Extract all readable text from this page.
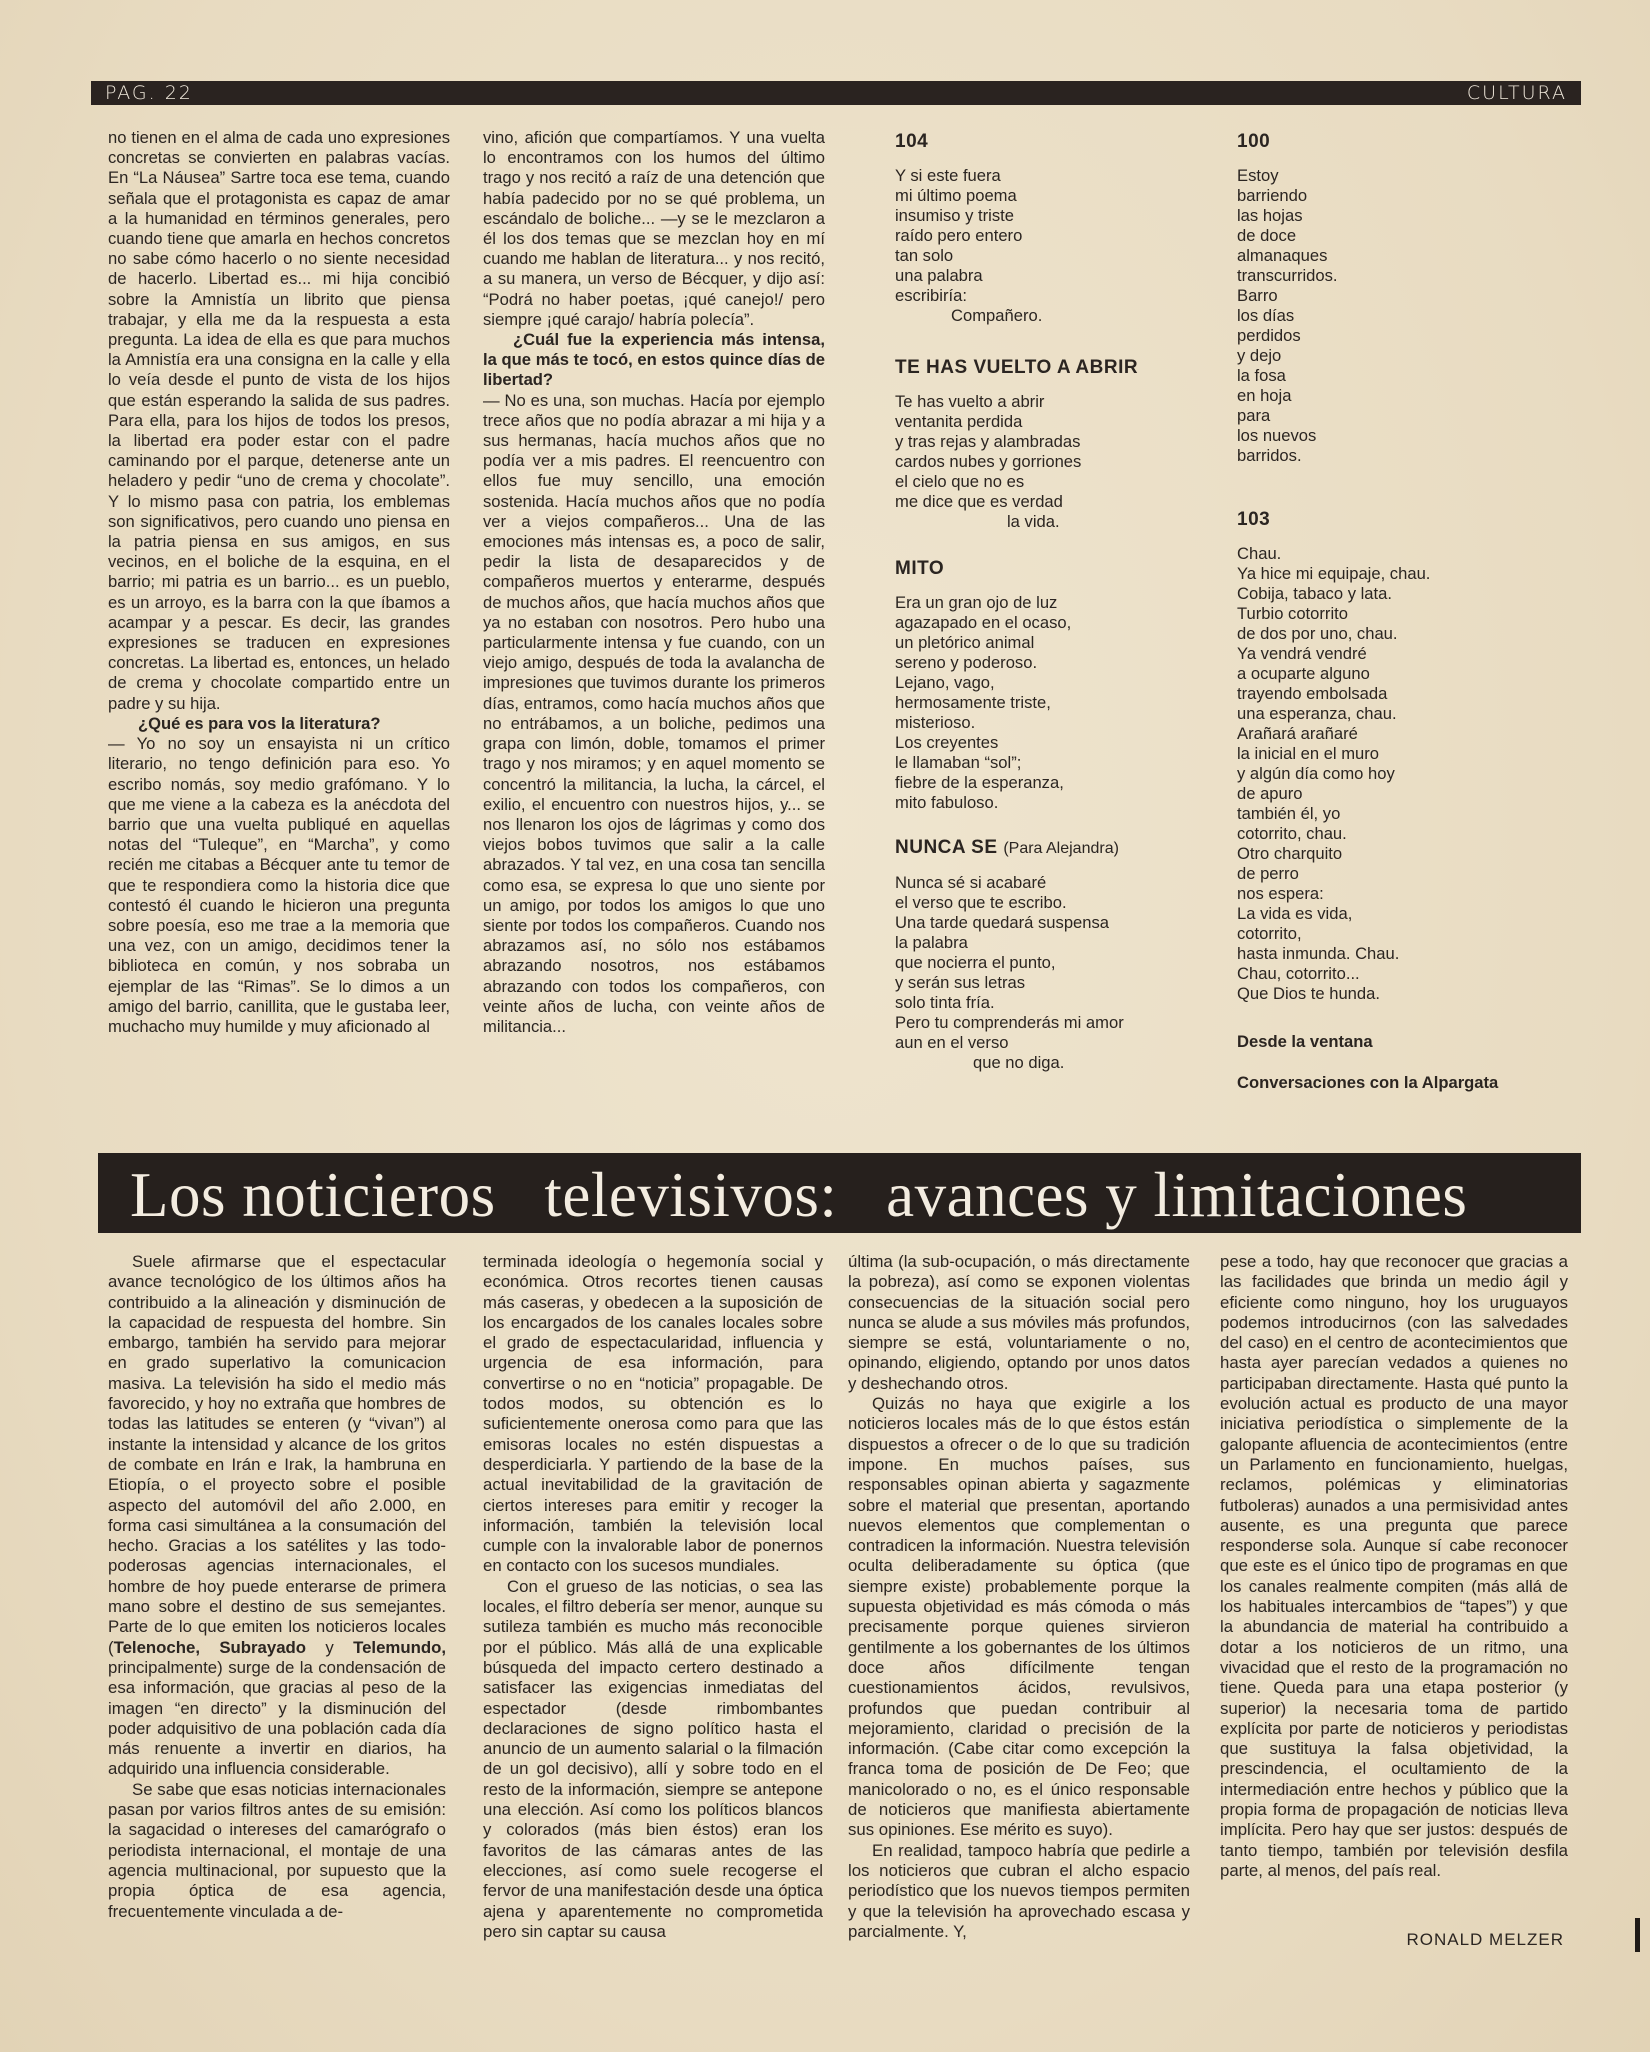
PAG. 22	CULTURA

no tienen en el alma de cada uno expresiones concretas se convierten en palabras vacías. En “La Náusea” Sartre toca ese tema, cuando señala que el protagonista es capaz de amar a la humanidad en términos generales, pero cuando tiene que amarla en hechos concretos no sabe cómo hacerlo o no siente necesidad de hacerlo. Libertad es... mi hija concibió sobre la Amnistía un librito que piensa trabajar, y ella me da la respuesta a esta pregunta. La idea de ella es que para muchos la Amnistía era una consigna en la calle y ella lo veía desde el punto de vista de los hijos que están esperando la salida de sus padres. Para ella, para los hijos de todos los presos, la libertad era poder estar con el padre caminando por el parque, detenerse ante un heladero y pedir “uno de crema y chocolate”. Y lo mismo pasa con patria, los emblemas son significativos, pero cuando uno piensa en la patria piensa en sus amigos, en sus vecinos, en el boliche de la esquina, en el barrio; mi patria es un barrio... es un pueblo, es un arroyo, es la barra con la que íbamos a acampar y a pescar. Es decir, las grandes expresiones se traducen en expresiones concretas. La libertad es, entonces, un helado de crema y chocolate compartido entre un padre y su hija.

¿Qué es para vos la literatura?

— Yo no soy un ensayista ni un crítico literario, no tengo definición para eso. Yo escribo nomás, soy medio grafómano. Y lo que me viene a la cabeza es la anécdota del barrio que una vuelta publiqué en aquellas notas del “Tuleque”, en “Marcha”, y como recién me citabas a Bécquer ante tu temor de que te respondiera como la historia dice que contestó él cuando le hicieron una pregunta sobre poesía, eso me trae a la memoria que una vez, con un amigo, decidimos tener la biblioteca en común, y nos sobraba un ejemplar de las “Rimas”. Se lo dimos a un amigo del barrio, canillita, que le gustaba leer, muchacho muy humilde y muy aficionado al

vino, afición que compartíamos. Y una vuelta lo encontramos con los humos del último trago y nos recitó a raíz de una detención que había padecido por no se qué problema, un escándalo de boliche... —y se le mezclaron a él los dos temas que se mezclan hoy en mí cuando me hablan de literatura... y nos recitó, a su manera, un verso de Bécquer, y dijo así: “Podrá no haber poetas, ¡qué canejo!/ pero siempre ¡qué carajo/ habría polecía”.

¿Cuál fue la experiencia más intensa, la que más te tocó, en estos quince días de libertad?

— No es una, son muchas. Hacía por ejemplo trece años que no podía abrazar a mi hija y a sus hermanas, hacía muchos años que no podía ver a mis padres. El reencuentro con ellos fue muy sencillo, una emoción sostenida. Hacía muchos años que no podía ver a viejos compañeros... Una de las emociones más intensas es, a poco de salir, pedir la lista de desaparecidos y de compañeros muertos y enterarme, después de muchos años, que hacía muchos años que ya no estaban con nosotros. Pero hubo una particularmente intensa y fue cuando, con un viejo amigo, después de toda la avalancha de impresiones que tuvimos durante los primeros días, entramos, como hacía muchos años que no entrábamos, a un boliche, pedimos una grapa con limón, doble, tomamos el primer trago y nos miramos; y en aquel momento se concentró la militancia, la lucha, la cárcel, el exilio, el encuentro con nuestros hijos, y... se nos llenaron los ojos de lágrimas y como dos viejos bobos tuvimos que salir a la calle abrazados. Y tal vez, en una cosa tan sencilla como esa, se expresa lo que uno siente por un amigo, por todos los amigos lo que uno siente por todos los compañeros. Cuando nos abrazamos así, no sólo nos estábamos abrazando nosotros, nos estábamos abrazando con todos los compañeros, con veinte años de lucha, con veinte años de militancia...

104
Y si este fuera
mi último poema
insumiso y triste
raído pero entero
tan solo
una palabra
escribiría:
Compañero.
TE HAS VUELTO A ABRIR
Te has vuelto a abrir
ventanita perdida
y tras rejas y alambradas
cardos nubes y gorriones
el cielo que no es
me dice que es verdad
la vida.
MITO
Era un gran ojo de luz
agazapado en el ocaso,
un pletórico animal
sereno y poderoso.
Lejano, vago,
hermosamente triste,
misterioso.
Los creyentes
le llamaban “sol”;
fiebre de la esperanza,
mito fabuloso.
NUNCA SE (Para Alejandra)
Nunca sé si acabaré
el verso que te escribo.
Una tarde quedará suspensa
la palabra
que nocierra el punto,
y serán sus letras
solo tinta fría.
Pero tu comprenderás mi amor
aun en el verso
que no diga.
100
Estoy
barriendo
las hojas
de doce
almanaques
transcurridos.
Barro
los días
perdidos
y dejo
la fosa
en hoja
para
los nuevos
barridos.
103
Chau.
Ya hice mi equipaje, chau.
Cobija, tabaco y lata.
Turbio cotorrito
de dos por uno, chau.
Ya vendrá vendré
a ocuparte alguno
trayendo embolsada
una esperanza, chau.
Arañará arañaré
la inicial en el muro
y algún día como hoy
de apuro
también él, yo
cotorrito, chau.
Otro charquito
de perro
nos espera:
La vida es vida,
cotorrito,
hasta inmunda. Chau.
Chau, cotorrito...
Que Dios te hunda.
Desde la ventana
Conversaciones con la Alpargata
Los noticieros   televisivos:   avances y limitaciones

Suele afirmarse que el espectacular avance tecnológico de los últimos años ha contribuido a la alineación y disminución de la capacidad de respuesta del hombre. Sin embargo, también ha servido para mejorar en grado superlativo la comunicacion masiva. La televisión ha sido el medio más favorecido, y hoy no extraña que hombres de todas las latitudes se enteren (y “vivan”) al instante la intensidad y alcance de los gritos de combate en Irán e Irak, la hambruna en Etiopía, o el proyecto sobre el posible aspecto del automóvil del año 2.000, en forma casi simultánea a la consumación del hecho. Gracias a los satélites y las todo-poderosas agencias internacionales, el hombre de hoy puede enterarse de primera mano sobre el destino de sus semejantes. Parte de lo que emiten los noticieros locales (Telenoche, Subrayado y Telemundo, principalmente) surge de la condensación de esa información, que gracias al peso de la imagen “en directo” y la disminución del poder adquisitivo de una población cada día más renuente a invertir en diarios, ha adquirido una influencia considerable.

Se sabe que esas noticias internacionales pasan por varios filtros antes de su emisión: la sagacidad o intereses del camarógrafo o periodista internacional, el montaje de una agencia multinacional, por supuesto que la propia óptica de esa agencia, frecuentemente vinculada a de-

terminada ideología o hegemonía social y económica. Otros recortes tienen causas más caseras, y obedecen a la suposición de los encargados de los canales locales sobre el grado de espectacularidad, influencia y urgencia de esa información, para convertirse o no en “noticia” propagable. De todos modos, su obtención es lo suficientemente onerosa como para que las emisoras locales no estén dispuestas a desperdiciarla. Y partiendo de la base de la actual inevitabilidad de la gravitación de ciertos intereses para emitir y recoger la información, también la televisión local cumple con la invalorable labor de ponernos en contacto con los sucesos mundiales.

Con el grueso de las noticias, o sea las locales, el filtro debería ser menor, aunque su sutileza también es mucho más reconocible por el público. Más allá de una explicable búsqueda del impacto certero destinado a satisfacer las exigencias inmediatas del espectador (desde rimbombantes declaraciones de signo político hasta el anuncio de un aumento salarial o la filmación de un gol decisivo), allí y sobre todo en el resto de la información, siempre se antepone una elección. Así como los políticos blancos y colorados (más bien éstos) eran los favoritos de las cámaras antes de las elecciones, así como suele recogerse el fervor de una manifestación desde una óptica ajena y aparentemente no comprometida pero sin captar su causa

última (la sub-ocupación, o más directamente la pobreza), así como se exponen violentas consecuencias de la situación social pero nunca se alude a sus móviles más profundos, siempre se está, voluntariamente o no, opinando, eligiendo, optando por unos datos y deshechando otros.

Quizás no haya que exigirle a los noticieros locales más de lo que éstos están dispuestos a ofrecer o de lo que su tradición impone. En muchos países, sus responsables opinan abierta y sagazmente sobre el material que presentan, aportando nuevos elementos que complementan o contradicen la información. Nuestra televisión oculta deliberadamente su óptica (que siempre existe) probablemente porque la supuesta objetividad es más cómoda o más precisamente porque quienes sirvieron gentilmente a los gobernantes de los últimos doce años difícilmente tengan cuestionamientos ácidos, revulsivos, profundos que puedan contribuir al mejoramiento, claridad o precisión de la información. (Cabe citar como excepción la franca toma de posición de De Feo; que manicolorado o no, es el único responsable de noticieros que manifiesta abiertamente sus opiniones. Ese mérito es suyo).

En realidad, tampoco habría que pedirle a los noticieros que cubran el alcho espacio periodístico que los nuevos tiempos permiten y que la televisión ha aprovechado escasa y parcialmente. Y,

pese a todo, hay que reconocer que gracias a las facilidades que brinda un medio ágil y eficiente como ninguno, hoy los uruguayos podemos introducirnos (con las salvedades del caso) en el centro de acontecimientos que hasta ayer parecían vedados a quienes no participaban directamente. Hasta qué punto la evolución actual es producto de una mayor iniciativa periodística o simplemente de la galopante afluencia de acontecimientos (entre un Parlamento en funcionamiento, huelgas, reclamos, polémicas y eliminatorias futboleras) aunados a una permisividad antes ausente, es una pregunta que parece responderse sola. Aunque sí cabe reconocer que este es el único tipo de programas en que los canales realmente compiten (más allá de los habituales intercambios de “tapes”) y que la abundancia de material ha contribuido a dotar a los noticieros de un ritmo, una vivacidad que el resto de la programación no tiene. Queda para una etapa posterior (y superior) la necesaria toma de partido explícita por parte de noticieros y periodistas que sustituya la falsa objetividad, la prescindencia, el ocultamiento de la intermediación entre hechos y público que la propia forma de propagación de noticias lleva implícita. Pero hay que ser justos: después de tanto tiempo, también por televisión desfila parte, al menos, del país real.

RONALD MELZER
